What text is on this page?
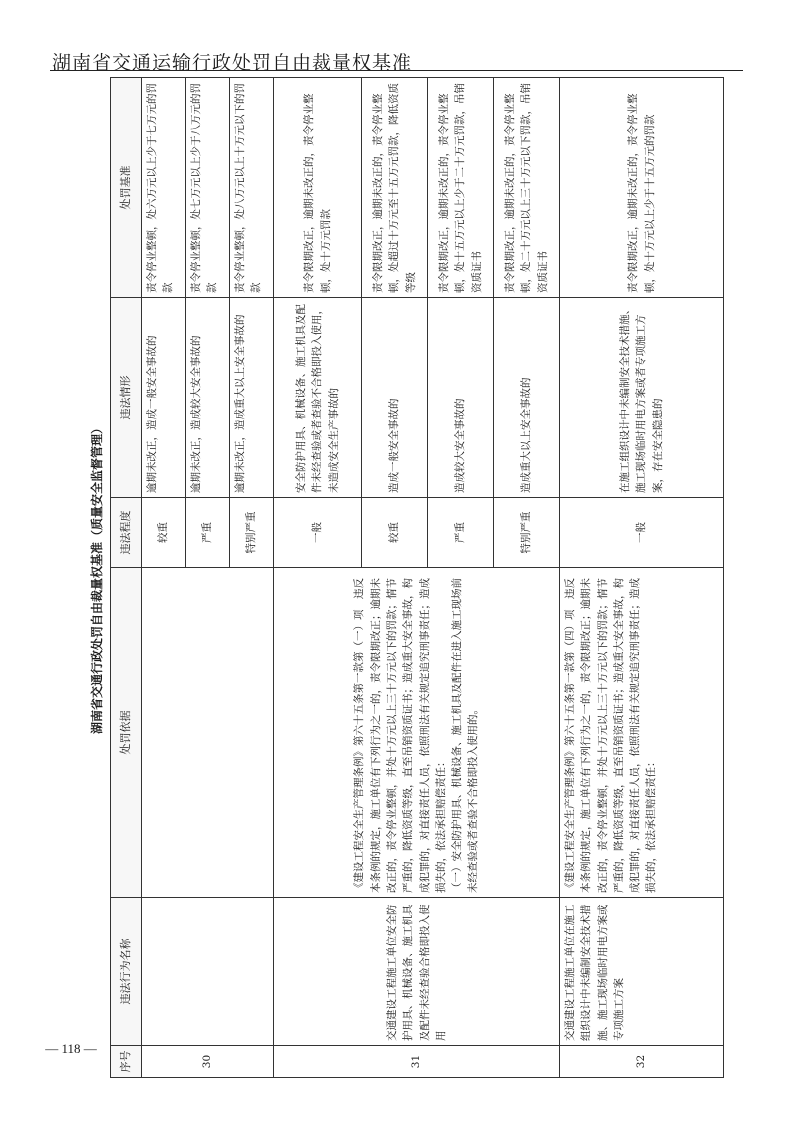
湖南省交通运输行政处罚自由裁量权基准
湖南省交通行政处罚自由裁量权基准（质量安全监督管理）
序号	违法行为名称	处罚依据	违法程度	违法情形	处罚基准
30			较重	逾期未改正，造成一般安全事故的	责令停业整顿，处六万元以上少于七万元的罚款
			严重	逾期未改正，造成较大安全事故的	责令停业整顿，处七万元以上少于八万元的罚款
			特别严重	逾期未改正，造成重大以上安全事故的	责令停业整顿，处八万元以上十万元以下的罚款
31	交通建设工程施工单位安全防护用具、机械设备、施工机具及配件未经查验合格即投入使用	《建设工程安全生产管理条例》第六十五条第一款第（一）项　违反本条例的规定，施工单位有下列行为之一的，责令限期改正；逾期未改正的，责令停业整顿，并处十万元以上三十万元以下的罚款；情节严重的，降低资质等级，直至吊销资质证书；造成重大安全事故，构成犯罪的，对直接责任人员，依照刑法有关规定追究刑事责任；造成损失的，依法承担赔偿责任： （一）安全防护用具、机械设备、施工机具及配件在进入施工现场前未经查验或者查验不合格即投入使用的。	一般	安全防护用具、机械设备、施工机具及配件未经查验或者查验不合格即投入使用，未造成安全生产事故的	责令限期改正，逾期未改正的，责令停业整顿，处十万元罚款
			较重	造成一般安全事故的	责令限期改正，逾期未改正的，责令停业整顿，处超过十万元至十五万元罚款，降低资质等级
			严重	造成较大安全事故的	责令限期改正，逾期未改正的，责令停业整顿，处十五万元以上少于二十万元罚款，吊销资质证书
			特别严重	造成重大以上安全事故的	责令限期改正，逾期未改正的，责令停业整顿，处二十万元以上三十万元以下罚款，吊销资质证书
32	交通建设工程施工单位在施工组织设计中未编制安全技术措施、施工现场临时用电方案或专项施工方案	《建设工程安全生产管理条例》第六十五条第一款第（四）项　违反本条例的规定，施工单位有下列行为之一的，责令限期改正；逾期未改正的，责令停业整顿，并处十万元以上三十万元以下的罚款；情节严重的，降低资质等级，直至吊销资质证书；造成重大安全事故，构成犯罪的，对直接责任人员，依照刑法有关规定追究刑事责任；造成损失的，依法承担赔偿责任：	一般	在施工组织设计中未编制安全技术措施、施工现场临时用电方案或者专项施工方案，存在安全隐患的	责令限期改正，逾期未改正的，责令停业整顿，处十万元以上少于十五万元的罚款
— 118 —
